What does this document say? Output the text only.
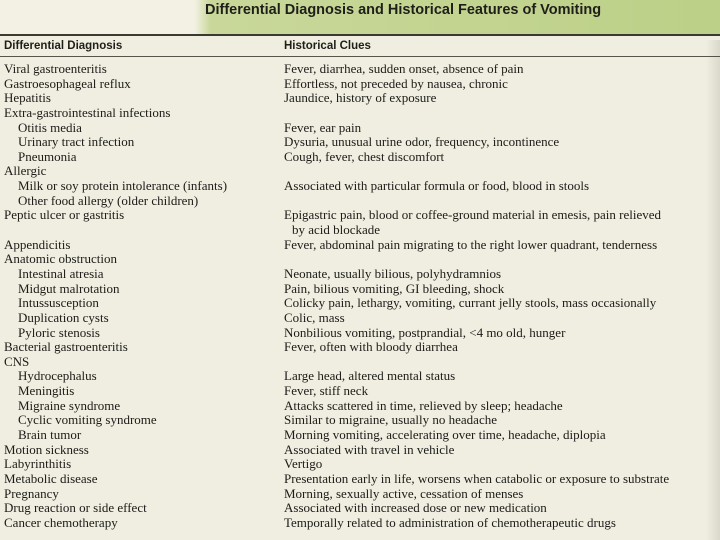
Differential Diagnosis and Historical Features of Vomiting
Differential Diagnosis	Historical Clues
Viral gastroenteritis	Fever, diarrhea, sudden onset, absence of pain
Gastroesophageal reflux	Effortless, not preceded by nausea, chronic
Hepatitis	Jaundice, history of exposure
Extra-gastrointestinal infections
Otitis media	Fever, ear pain
Urinary tract infection	Dysuria, unusual urine odor, frequency, incontinence
Pneumonia	Cough, fever, chest discomfort
Allergic
Milk or soy protein intolerance (infants)	Associated with particular formula or food, blood in stools
Other food allergy (older children)
Peptic ulcer or gastritis	Epigastric pain, blood or coffee-ground material in emesis, pain relieved
by acid blockade
Appendicitis	Fever, abdominal pain migrating to the right lower quadrant, tenderness
Anatomic obstruction
Intestinal atresia	Neonate, usually bilious, polyhydramnios
Midgut malrotation	Pain, bilious vomiting, GI bleeding, shock
Intussusception	Colicky pain, lethargy, vomiting, currant jelly stools, mass occasionally
Duplication cysts	Colic, mass
Pyloric stenosis	Nonbilious vomiting, postprandial, <4 mo old, hunger
Bacterial gastroenteritis	Fever, often with bloody diarrhea
CNS
Hydrocephalus	Large head, altered mental status
Meningitis	Fever, stiff neck
Migraine syndrome	Attacks scattered in time, relieved by sleep; headache
Cyclic vomiting syndrome	Similar to migraine, usually no headache
Brain tumor	Morning vomiting, accelerating over time, headache, diplopia
Motion sickness	Associated with travel in vehicle
Labyrinthitis	Vertigo
Metabolic disease	Presentation early in life, worsens when catabolic or exposure to substrate
Pregnancy	Morning, sexually active, cessation of menses
Drug reaction or side effect	Associated with increased dose or new medication
Cancer chemotherapy	Temporally related to administration of chemotherapeutic drugs
